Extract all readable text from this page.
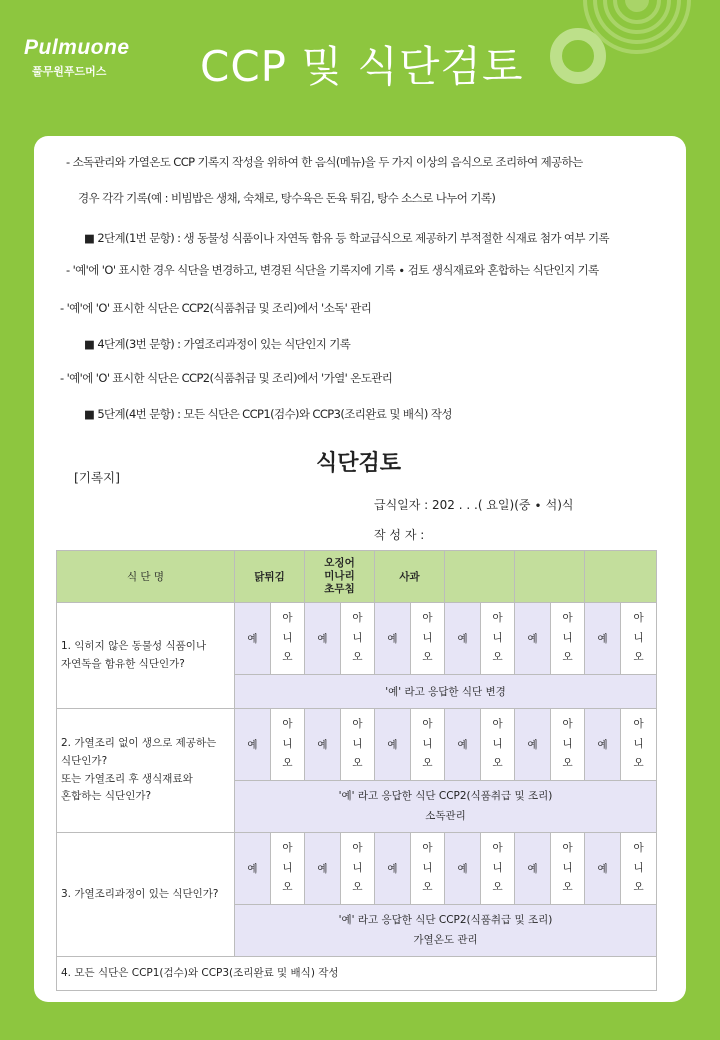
Pulmuone
풀무원푸드머스	CCP 및 식단검토
- 소독관리와 가열온도 CCP 기록지 작성을 위하여 한 음식(메뉴)을 두 가지 이상의 음식으로 조리하여 제공하는
경우 각각 기록(예 : 비빔밥은 생채, 숙채로, 탕수육은 돈육 튀김, 탕수 소스로 나누어 기록)
■ 2단계(1번 문항) : 생 동물성 식품이나 자연독 함유 등 학교급식으로 제공하기 부적절한 식재료 첨가 여부 기록
- '예'에 'O' 표시한 경우 식단을 변경하고, 변경된 식단을 기록지에 기록 ∙ 검토 생식재료와 혼합하는 식단인지 기록
- '예'에 'O' 표시한 식단은 CCP2(식품취급 및 조리)에서 '소독' 관리
■ 4단계(3번 문항) : 가열조리과정이 있는 식단인지 기록
- '예'에 'O' 표시한 식단은 CCP2(식품취급 및 조리)에서 '가열' 온도관리
■ 5단계(4번 문항) : 모든 식단은 CCP1(검수)와 CCP3(조리완료 및 배식) 작성
식단검토
[기록지]
급식일자 : 202 . . .( 요일)(중 ∙ 석)식
작 성 자 :
식 단 명	닭튀김		오징어
미나리
초무침		사과							
1. 익히지 않은 동물성 식품이나
자연독을 함유한 식단인가?	예	아
니
오	예	아
니
오	예	아
니
오	예	아
니
오	예	아
니
오	예	아
니
오
	'예' 라고 응답한 식단 변경											
2. 가열조리 없이 생으로 제공하는
식단인가?
또는 가열조리 후 생식재료와
혼합하는 식단인가?	예	아
니
오	예	아
니
오	예	아
니
오	예	아
니
오	예	아
니
오	예	아
니
오
	'예' 라고 응답한 식단 CCP2(식품취급 및 조리)
소독관리											
3. 가열조리과정이 있는 식단인가?	예	아
니
오	예	아
니
오	예	아
니
오	예	아
니
오	예	아
니
오	예	아
니
오
	'예' 라고 응답한 식단 CCP2(식품취급 및 조리)
가열온도 관리											
4. 모든 식단은 CCP1(검수)와 CCP3(조리완료 및 배식) 작성												
